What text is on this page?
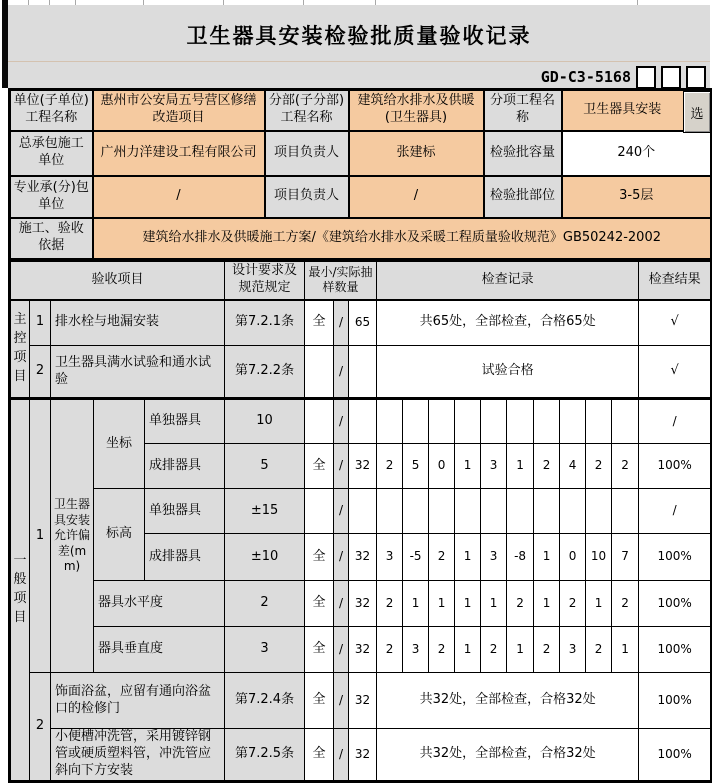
卫生器具安装检验批质量验收记录
GD-C3-5168
单位(子单位)工程名称	惠州市公安局五号营区修缮改造项目	分部(子分部)工程名称	建筑给水排水及供暖(卫生器具)	分项工程名称	卫生器具安装
总承包施工单位	广州力洋建设工程有限公司	项目负责人	张建标	检验批容量	240个
专业承(分)包单位	/	项目负责人	/	检验批部位	3-5层
施工、验收依据	建筑给水排水及供暖施工方案/《建筑给水排水及采暖工程质量验收规范》GB50242-2002				
选
验收项目					设计要求及规范规定	最小/实际抽样数量			检查记录										检查结果
主控项目	1	排水栓与地漏安装			第7.2.1条	全	/	65	共65处，全部检查，合格65处										√
	2	卫生器具满水试验和通水试验			第7.2.2条		/		试验合格										√
一般项目	1	卫生器具安装允许偏差(mm)	坐标	单独器具	10		/												/
				成排器具	5	全	/	32	2	5	0	1	3	1	2	4	2	2	100%
			标高	单独器具	±15		/												/
				成排器具	±10	全	/	32	3	-5	2	1	3	-8	1	0	10	7	100%
			器具水平度		2	全	/	32	2	1	1	1	1	2	1	2	1	2	100%
			器具垂直度		3	全	/	32	2	3	2	1	2	1	2	3	2	1	100%
	2	饰面浴盆，应留有通向浴盆口的检修门			第7.2.4条	全	/	32	共32处，全部检查，合格32处										100%
		小便槽冲洗管，采用镀锌钢管或硬质塑料管，冲洗管应斜向下方安装			第7.2.5条	全	/	32	共32处，全部检查，合格32处										100%
